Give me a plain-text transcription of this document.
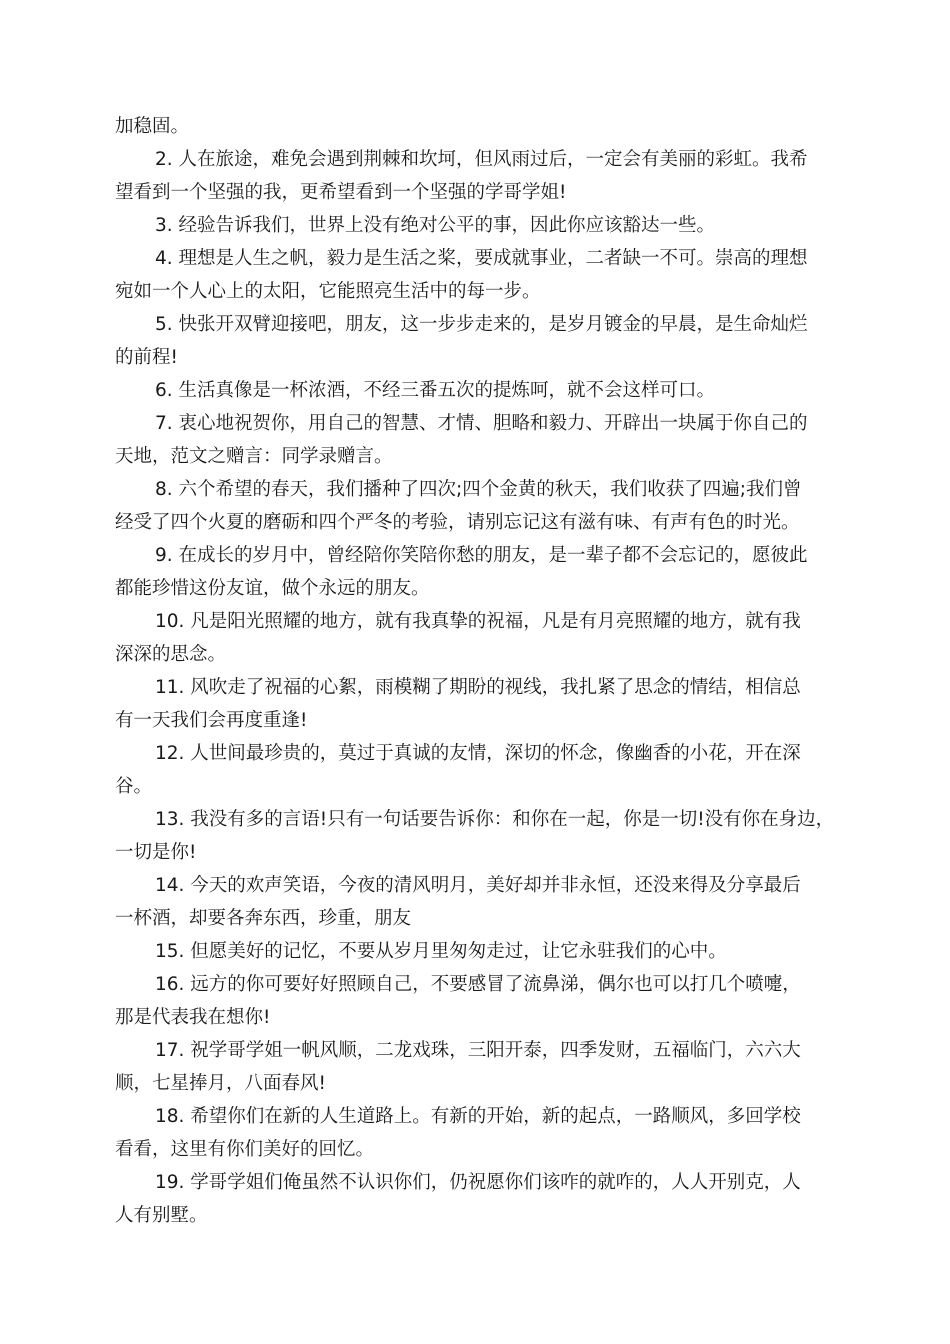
加稳固。
2. 人在旅途，难免会遇到荆棘和坎坷，但风雨过后，一定会有美丽的彩虹。我希
望看到一个坚强的我，更希望看到一个坚强的学哥学姐!
3. 经验告诉我们，世界上没有绝对公平的事，因此你应该豁达一些。
4. 理想是人生之帆，毅力是生活之桨，要成就事业，二者缺一不可。崇高的理想
宛如一个人心上的太阳，它能照亮生活中的每一步。
5. 快张开双臂迎接吧，朋友，这一步步走来的，是岁月镀金的早晨，是生命灿烂
的前程!
6. 生活真像是一杯浓酒，不经三番五次的提炼呵，就不会这样可口。
7. 衷心地祝贺你，用自己的智慧、才情、胆略和毅力、开辟出一块属于你自己的
天地，范文之赠言：同学录赠言。
8. 六个希望的春天，我们播种了四次;四个金黄的秋天，我们收获了四遍;我们曾
经受了四个火夏的磨砺和四个严冬的考验，请别忘记这有滋有味、有声有色的时光。
9. 在成长的岁月中，曾经陪你笑陪你愁的朋友，是一辈子都不会忘记的，愿彼此
都能珍惜这份友谊，做个永远的朋友。
10. 凡是阳光照耀的地方，就有我真挚的祝福，凡是有月亮照耀的地方，就有我
深深的思念。
11. 风吹走了祝福的心絮，雨模糊了期盼的视线，我扎紧了思念的情结，相信总
有一天我们会再度重逢!
12. 人世间最珍贵的，莫过于真诚的友情，深切的怀念，像幽香的小花，开在深
谷。
13. 我没有多的言语!只有一句话要告诉你：和你在一起，你是一切!没有你在身边，
一切是你!
14. 今天的欢声笑语，今夜的清风明月，美好却并非永恒，还没来得及分享最后
一杯酒，却要各奔东西，珍重，朋友
15. 但愿美好的记忆，不要从岁月里匆匆走过，让它永驻我们的心中。
16. 远方的你可要好好照顾自己，不要感冒了流鼻涕，偶尔也可以打几个喷嚏，
那是代表我在想你!
17. 祝学哥学姐一帆风顺，二龙戏珠，三阳开泰，四季发财，五福临门，六六大
顺，七星捧月，八面春风!
18. 希望你们在新的人生道路上。有新的开始，新的起点，一路顺风，多回学校
看看，这里有你们美好的回忆。
19. 学哥学姐们俺虽然不认识你们，仍祝愿你们该咋的就咋的，人人开别克，人
人有别墅。
